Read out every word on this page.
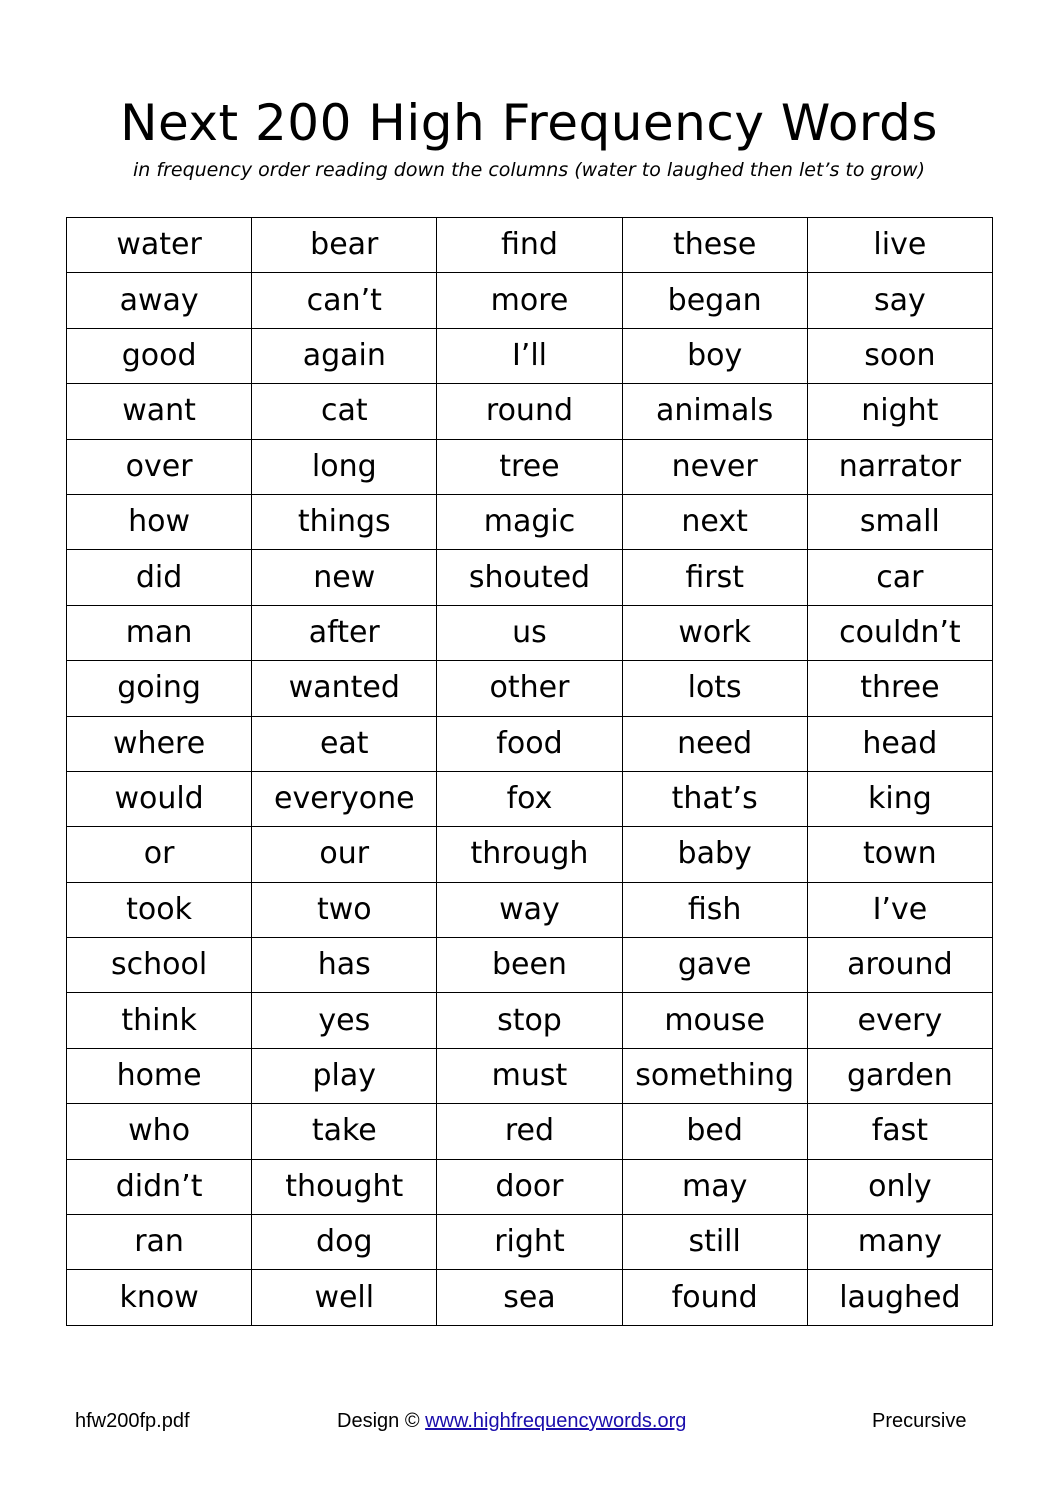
Next 200 High Frequency Words
in frequency order reading down the columns (water to laughed then let’s to grow)
water	bear	find	these	live
away	can’t	more	began	say
good	again	I’ll	boy	soon
want	cat	round	animals	night
over	long	tree	never	narrator
how	things	magic	next	small
did	new	shouted	first	car
man	after	us	work	couldn’t
going	wanted	other	lots	three
where	eat	food	need	head
would	everyone	fox	that’s	king
or	our	through	baby	town
took	two	way	fish	I’ve
school	has	been	gave	around
think	yes	stop	mouse	every
home	play	must	something	garden
who	take	red	bed	fast
didn’t	thought	door	may	only
ran	dog	right	still	many
know	well	sea	found	laughed
hfw200fp.pdf	Design © www.highfrequencywords.org	Precursive
